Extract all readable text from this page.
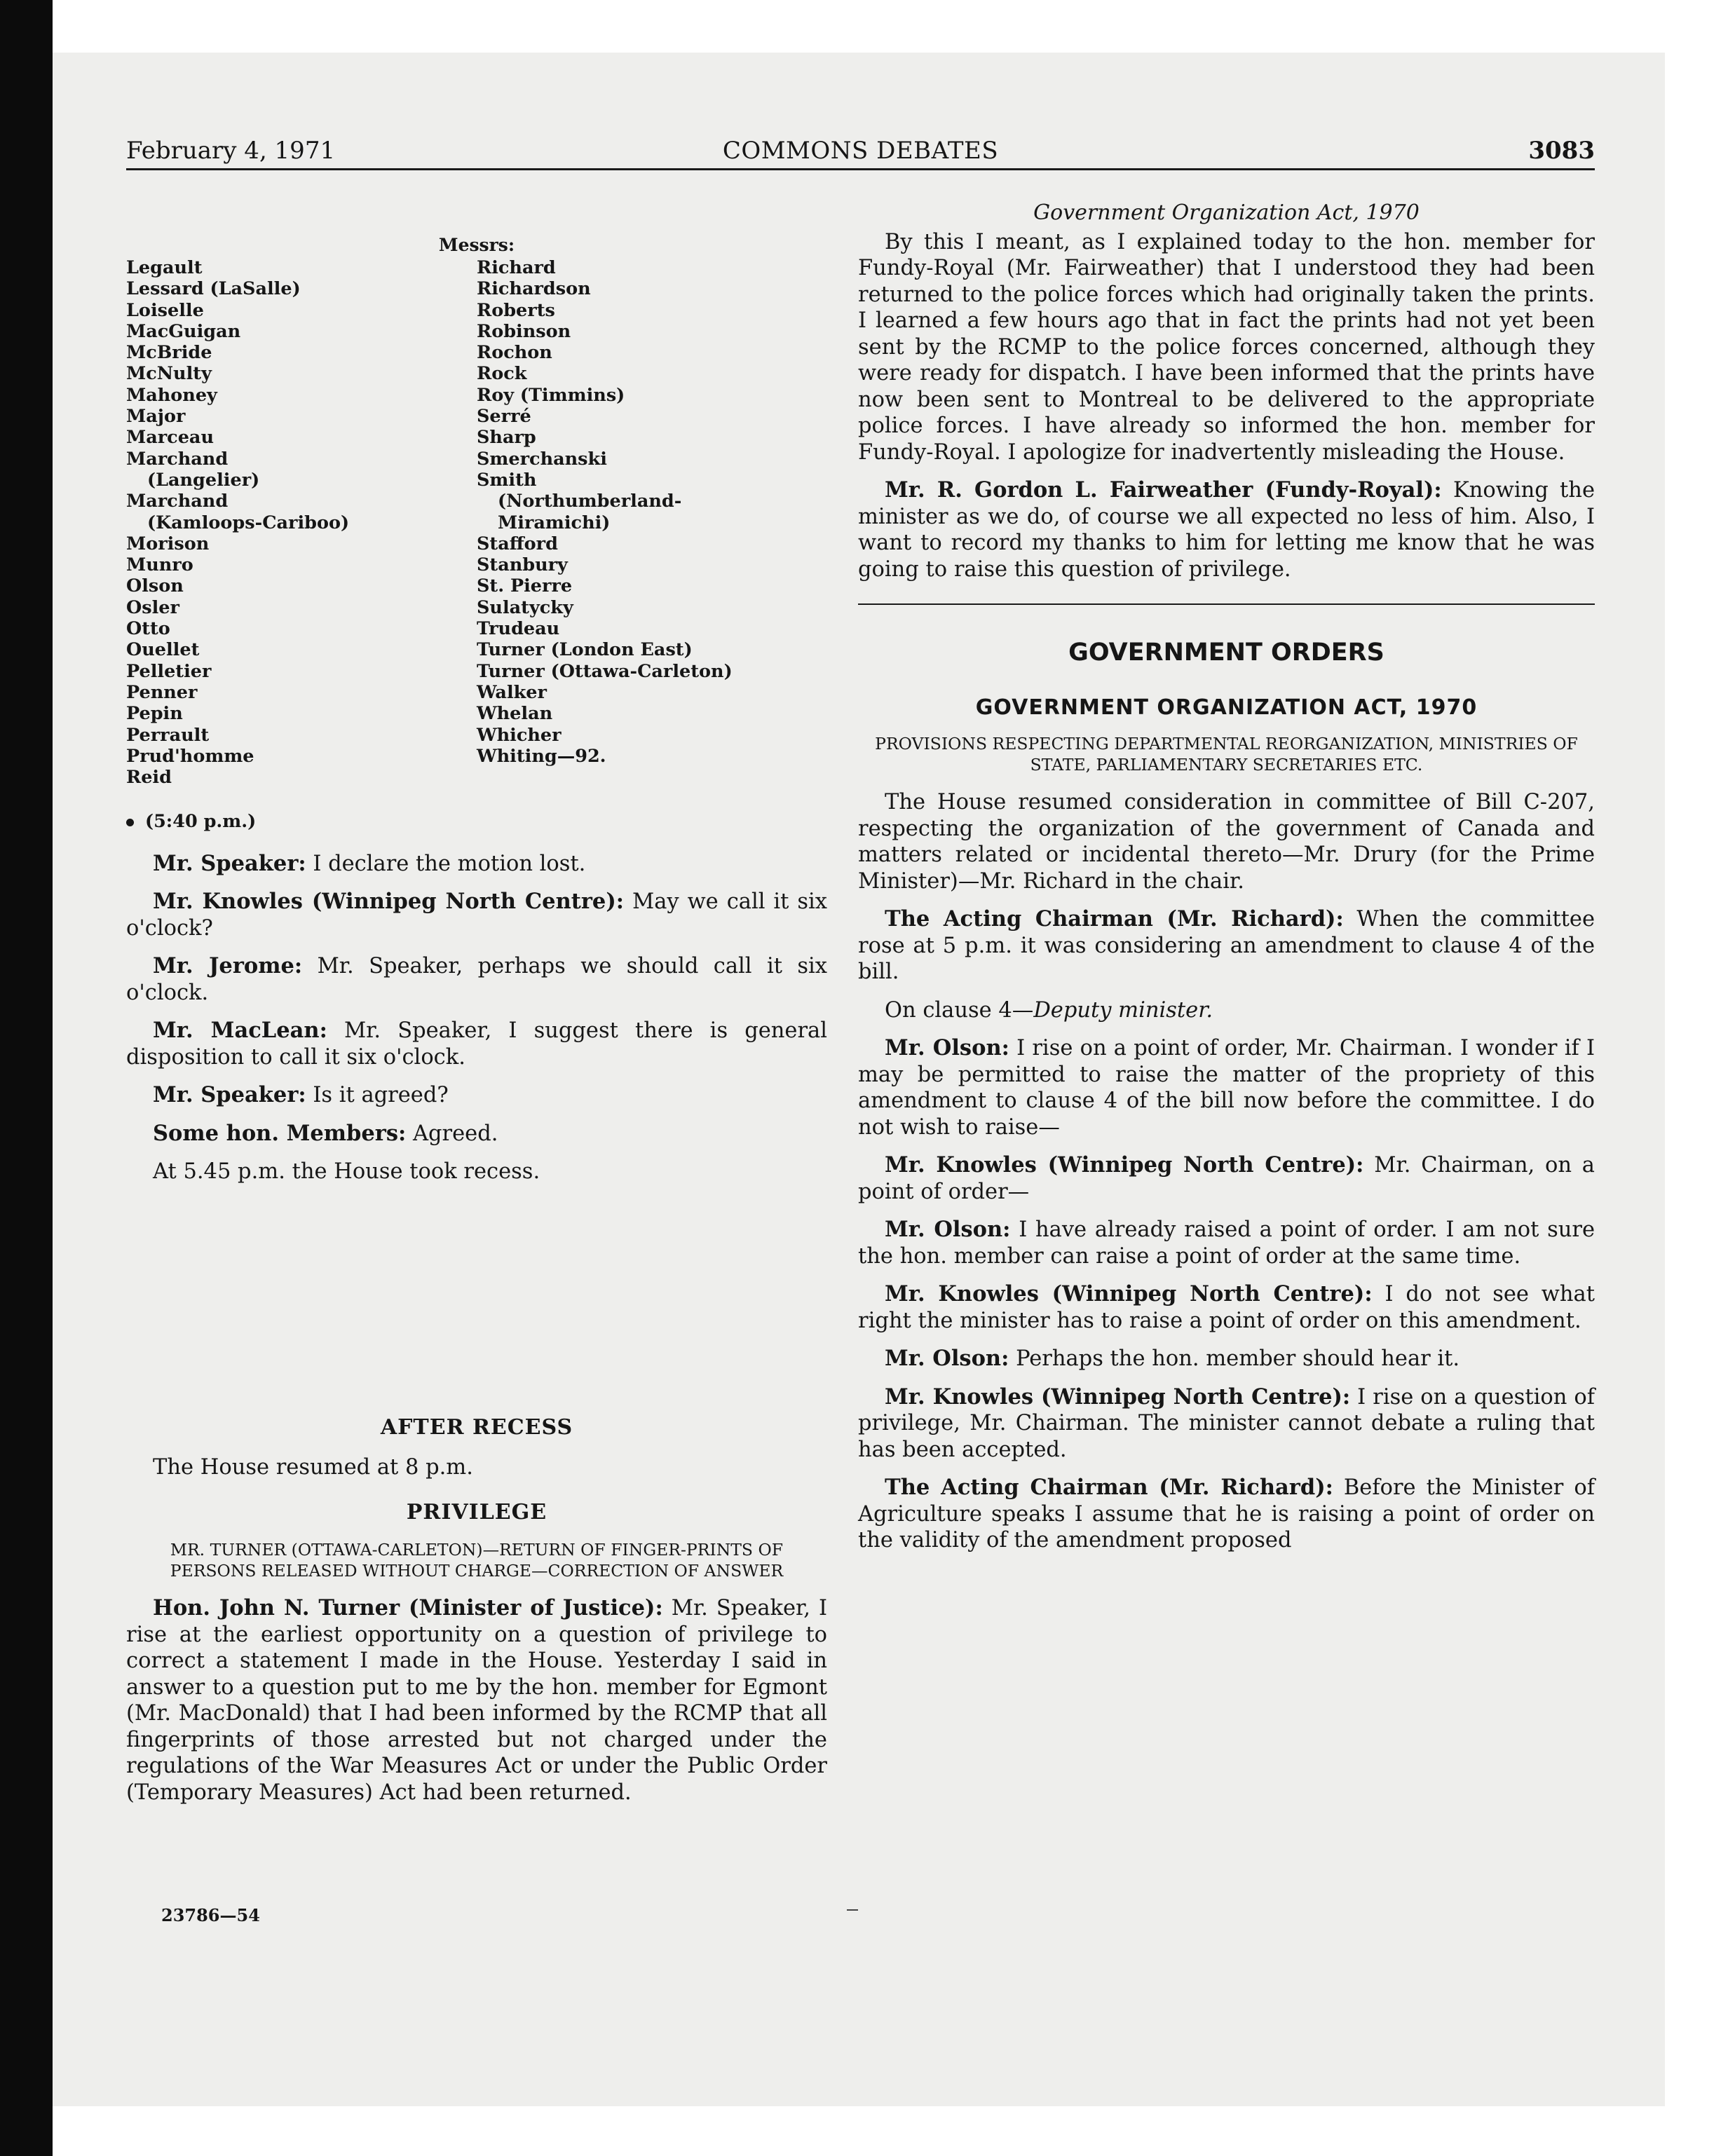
February 4, 1971	COMMONS DEBATES	3083
Messrs:
Legault
Lessard (LaSalle)
Loiselle
MacGuigan
McBride
McNulty
Mahoney
Major
Marceau
Marchand
(Langelier)
Marchand
(Kamloops-Cariboo)
Morison
Munro
Olson
Osler
Otto
Ouellet
Pelletier
Penner
Pepin
Perrault
Prud'homme
Reid
Richard
Richardson
Roberts
Robinson
Rochon
Rock
Roy (Timmins)
Serré
Sharp
Smerchanski
Smith
(Northumberland-
Miramichi)
Stafford
Stanbury
St. Pierre
Sulatycky
Trudeau
Turner (London East)
Turner (Ottawa-Carleton)
Walker
Whelan
Whicher
Whiting—92.
(5:40 p.m.)

Mr. Speaker: I declare the motion lost.

Mr. Knowles (Winnipeg North Centre): May we call it six o'clock?

Mr. Jerome: Mr. Speaker, perhaps we should call it six o'clock.

Mr. MacLean: Mr. Speaker, I suggest there is general disposition to call it six o'clock.

Mr. Speaker: Is it agreed?

Some hon. Members: Agreed.

At 5.45 p.m. the House took recess.

AFTER RECESS

The House resumed at 8 p.m.

PRIVILEGE
MR. TURNER (OTTAWA-CARLETON)—RETURN OF FINGER-PRINTS OF PERSONS RELEASED WITHOUT CHARGE—CORRECTION OF ANSWER

Hon. John N. Turner (Minister of Justice): Mr. Speaker, I rise at the earliest opportunity on a question of privilege to correct a statement I made in the House. Yesterday I said in answer to a question put to me by the hon. member for Egmont (Mr. MacDonald) that I had been informed by the RCMP that all fingerprints of those arrested but not charged under the regulations of the War Measures Act or under the Public Order (Temporary Measures) Act had been returned.

Government Organization Act, 1970

By this I meant, as I explained today to the hon. member for Fundy-Royal (Mr. Fairweather) that I understood they had been returned to the police forces which had originally taken the prints. I learned a few hours ago that in fact the prints had not yet been sent by the RCMP to the police forces concerned, although they were ready for dispatch. I have been informed that the prints have now been sent to Montreal to be delivered to the appropriate police forces. I have already so informed the hon. member for Fundy-Royal. I apologize for inadvertently misleading the House.

Mr. R. Gordon L. Fairweather (Fundy-Royal): Knowing the minister as we do, of course we all expected no less of him. Also, I want to record my thanks to him for letting me know that he was going to raise this question of privilege.

GOVERNMENT ORDERS
GOVERNMENT ORGANIZATION ACT, 1970
PROVISIONS RESPECTING DEPARTMENTAL REORGANIZATION, MINISTRIES OF STATE, PARLIAMENTARY SECRETARIES ETC.

The House resumed consideration in committee of Bill C-207, respecting the organization of the government of Canada and matters related or incidental thereto—Mr. Drury (for the Prime Minister)—Mr. Richard in the chair.

The Acting Chairman (Mr. Richard): When the committee rose at 5 p.m. it was considering an amendment to clause 4 of the bill.

On clause 4—Deputy minister.

Mr. Olson: I rise on a point of order, Mr. Chairman. I wonder if I may be permitted to raise the matter of the propriety of this amendment to clause 4 of the bill now before the committee. I do not wish to raise—

Mr. Knowles (Winnipeg North Centre): Mr. Chairman, on a point of order—

Mr. Olson: I have already raised a point of order. I am not sure the hon. member can raise a point of order at the same time.

Mr. Knowles (Winnipeg North Centre): I do not see what right the minister has to raise a point of order on this amendment.

Mr. Olson: Perhaps the hon. member should hear it.

Mr. Knowles (Winnipeg North Centre): I rise on a question of privilege, Mr. Chairman. The minister cannot debate a ruling that has been accepted.

The Acting Chairman (Mr. Richard): Before the Minister of Agriculture speaks I assume that he is raising a point of order on the validity of the amendment proposed

23786—54
